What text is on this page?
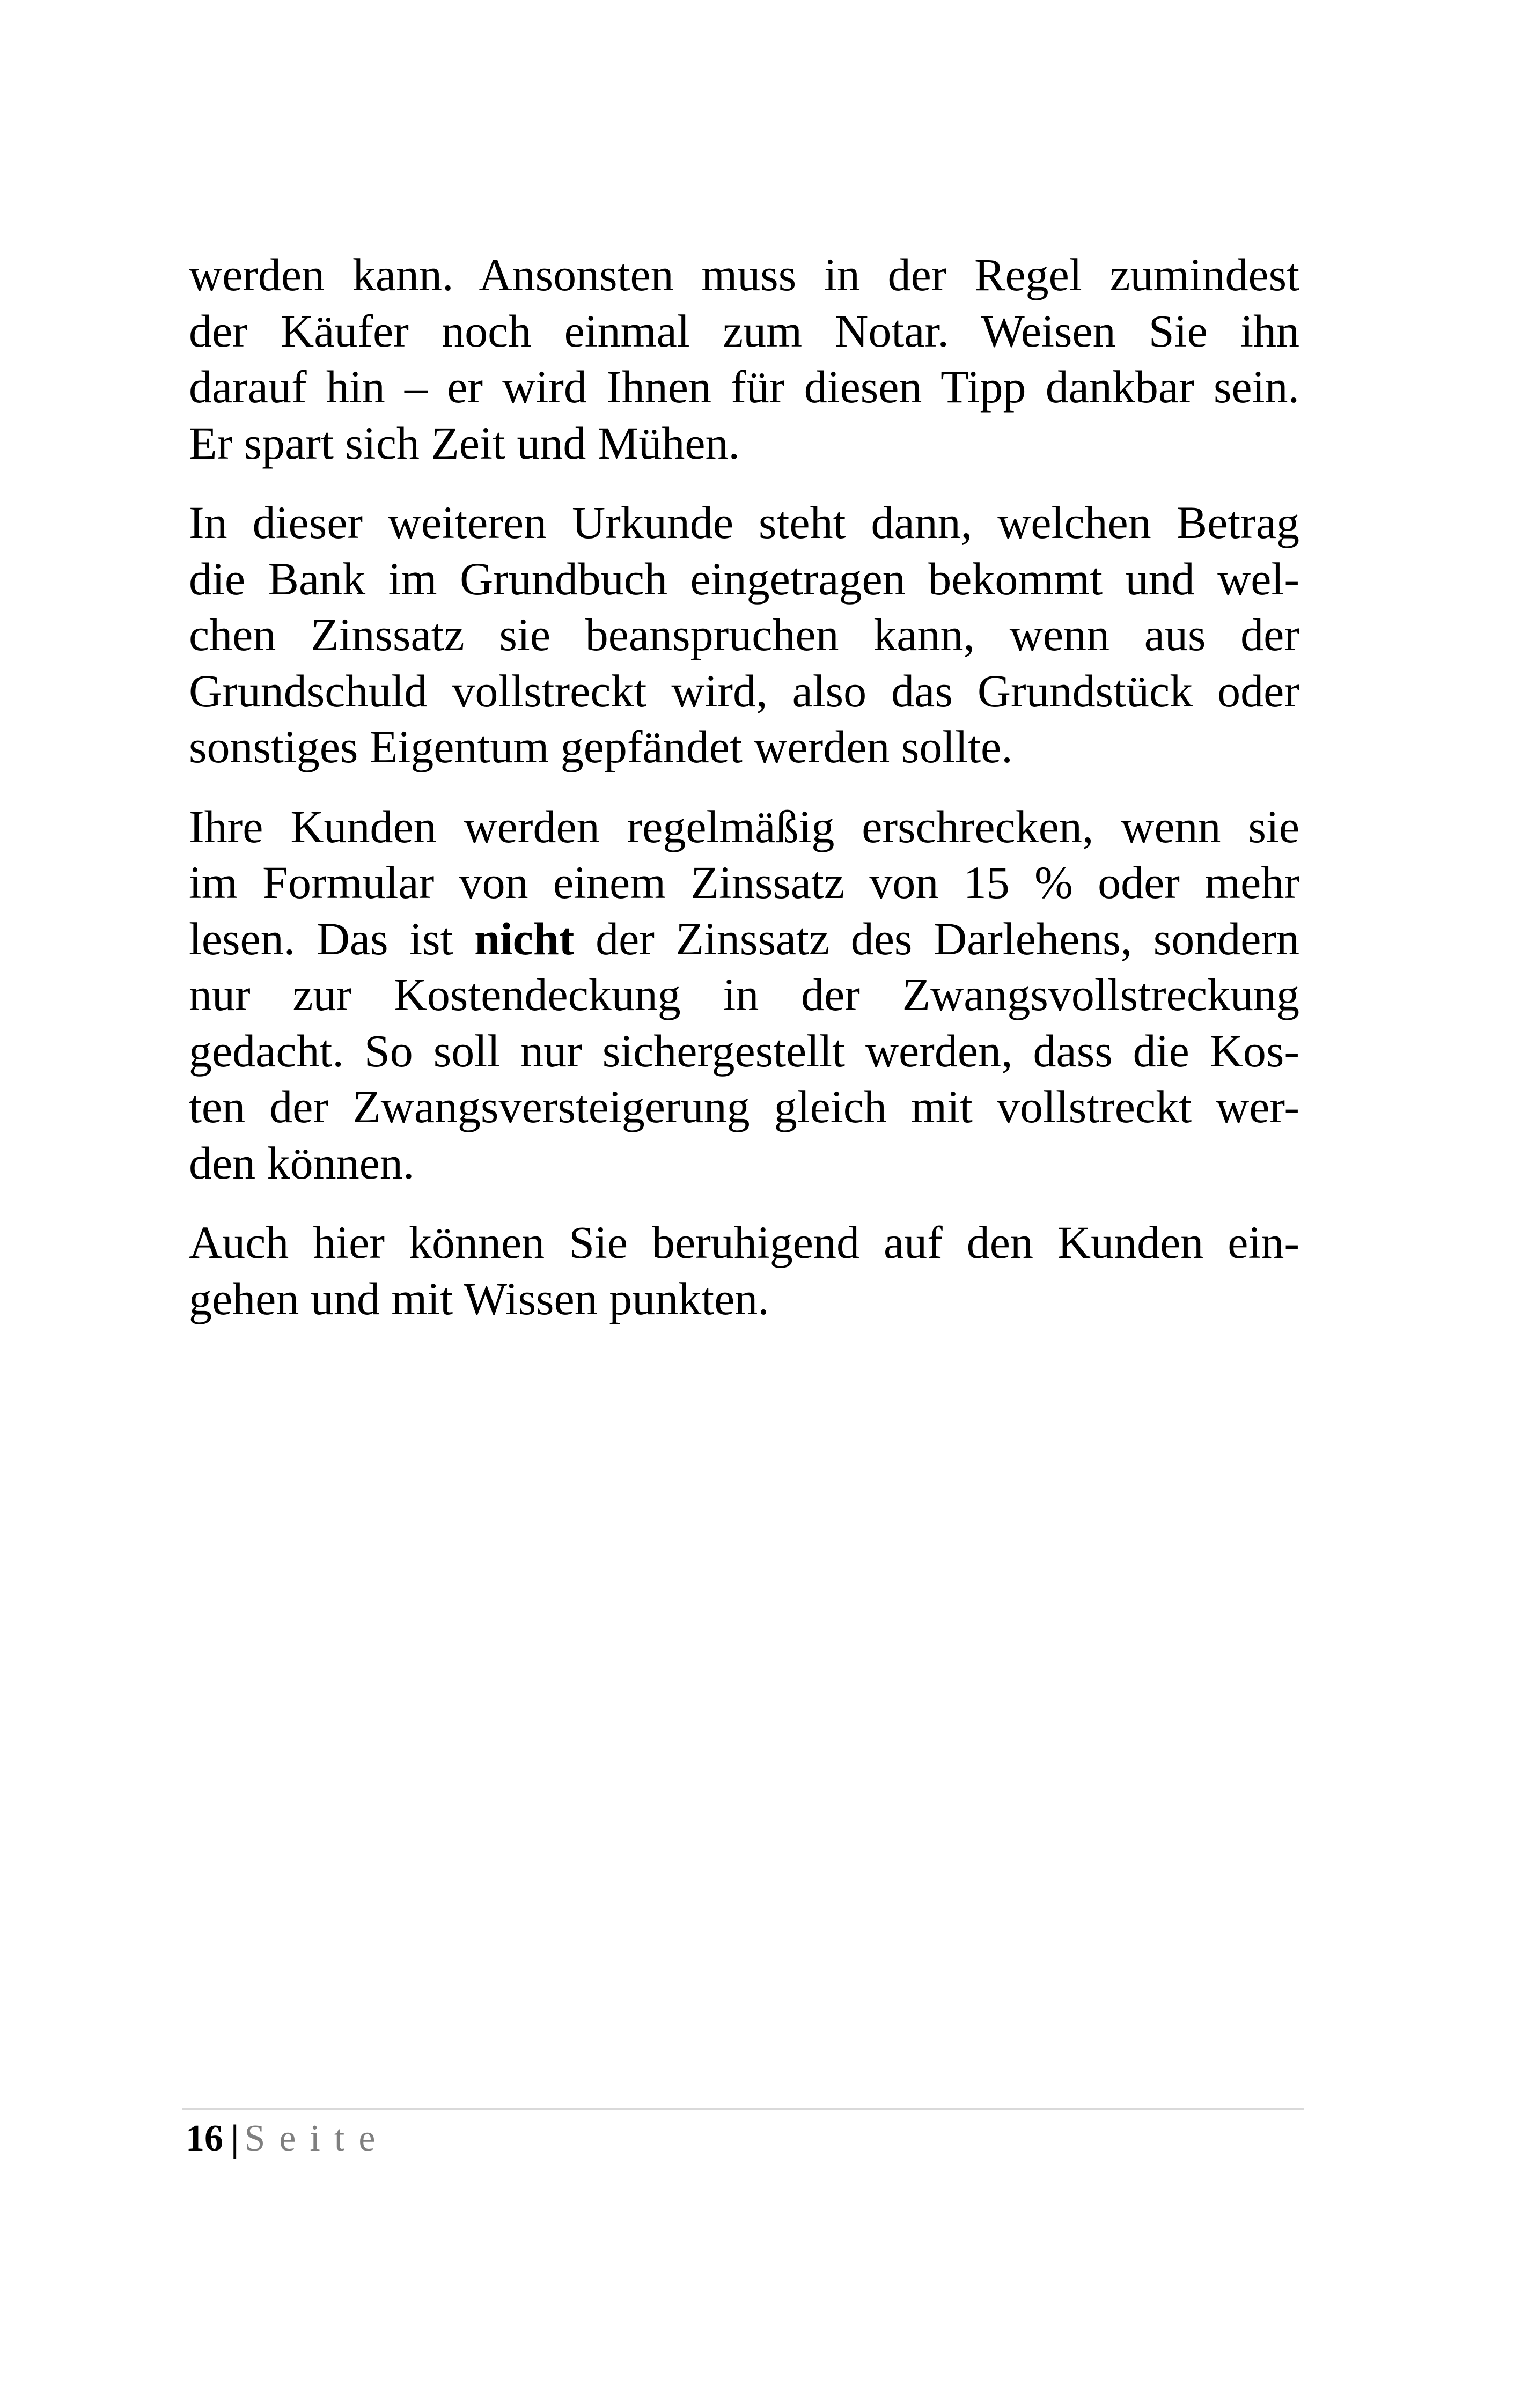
werden kann. Ansonsten muss in der Regel zumindest
der Käufer noch einmal zum Notar. Weisen Sie ihn
darauf hin – er wird Ihnen für diesen Tipp dankbar sein.
Er spart sich Zeit und Mühen.

In dieser weiteren Urkunde steht dann, welchen Betrag
die Bank im Grundbuch eingetragen bekommt und wel-
chen Zinssatz sie beanspruchen kann, wenn aus der
Grundschuld vollstreckt wird, also das Grundstück oder
sonstiges Eigentum gepfändet werden sollte.

Ihre Kunden werden regelmäßig erschrecken, wenn sie
im Formular von einem Zinssatz von 15 % oder mehr
lesen. Das ist nicht der Zinssatz des Darlehens, sondern
nur zur Kostendeckung in der Zwangsvollstreckung
gedacht. So soll nur sichergestellt werden, dass die Kos-
ten der Zwangsversteigerung gleich mit vollstreckt wer-
den können.

Auch hier können Sie beruhigend auf den Kunden ein-
gehen und mit Wissen punkten.

16 | Seite
